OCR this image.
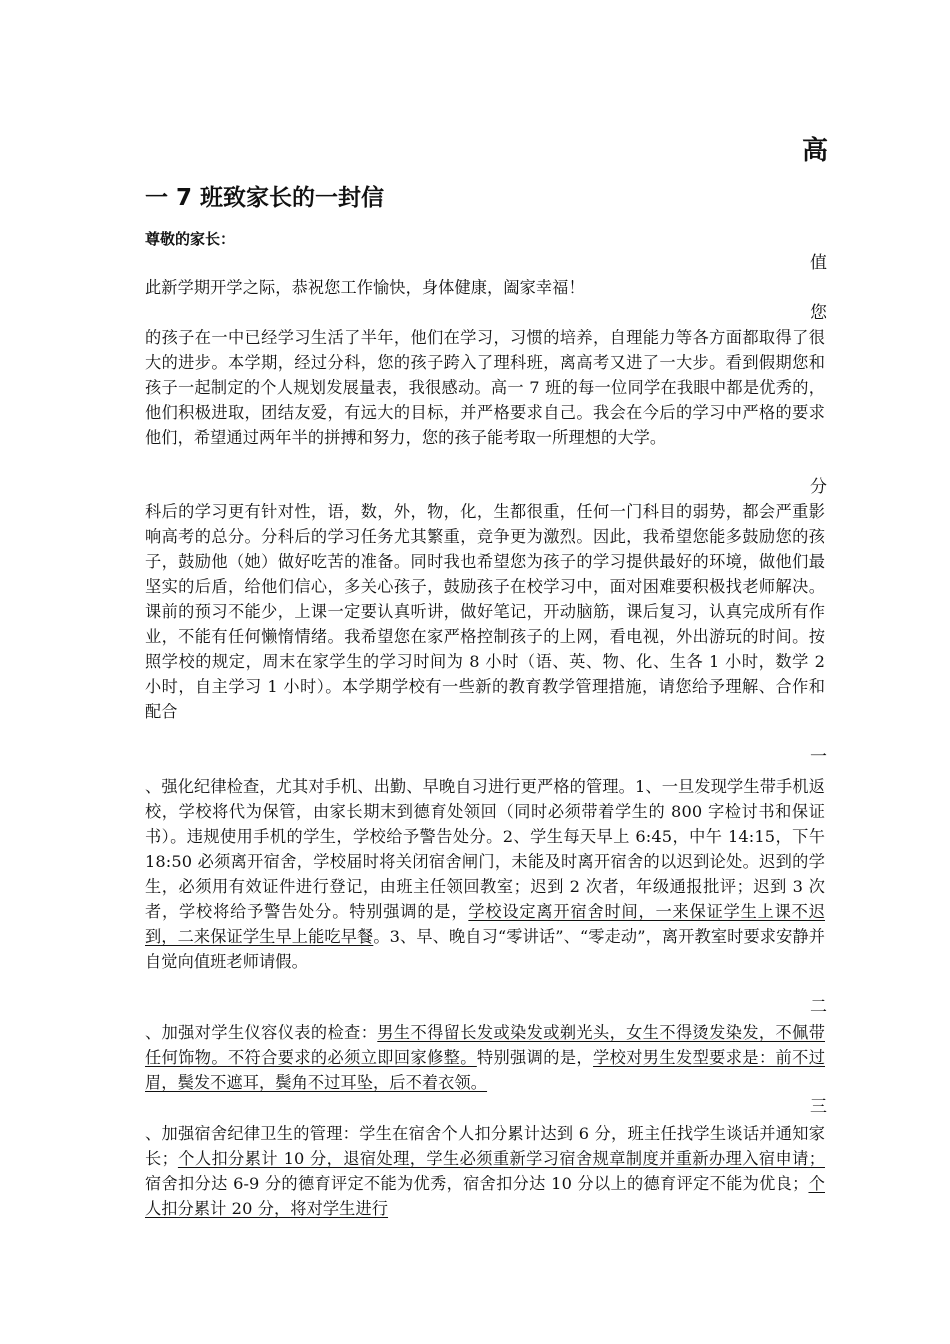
高
一 7 班致家长的一封信
尊敬的家长：
值

此新学期开学之际，恭祝您工作愉快，身体健康，阖家幸福！

您

的孩子在一中已经学习生活了半年，他们在学习，习惯的培养，自理能力等各方面都取得了很大的进步。本学期，经过分科，您的孩子跨入了理科班，离高考又进了一大步。看到假期您和孩子一起制定的个人规划发展量表，我很感动。高一 7 班的每一位同学在我眼中都是优秀的，他们积极进取，团结友爱，有远大的目标，并严格要求自己。我会在今后的学习中严格的要求他们，希望通过两年半的拼搏和努力，您的孩子能考取一所理想的大学。

分

科后的学习更有针对性，语，数，外，物，化，生都很重，任何一门科目的弱势，都会严重影响高考的总分。分科后的学习任务尤其繁重，竞争更为激烈。因此，我希望您能多鼓励您的孩子，鼓励他（她）做好吃苦的准备。同时我也希望您为孩子的学习提供最好的环境，做他们最坚实的后盾，给他们信心，多关心孩子，鼓励孩子在校学习中，面对困难要积极找老师解决。课前的预习不能少，上课一定要认真听讲，做好笔记，开动脑筋，课后复习，认真完成所有作业，不能有任何懒惰情绪。我希望您在家严格控制孩子的上网，看电视，外出游玩的时间。按照学校的规定，周末在家学生的学习时间为 8 小时（语、英、物、化、生各 1 小时，数学 2 小时，自主学习 1 小时）。本学期学校有一些新的教育教学管理措施，请您给予理解、合作和配合

一

、强化纪律检查，尤其对手机、出勤、早晚自习进行更严格的管理。1、一旦发现学生带手机返校，学校将代为保管，由家长期末到德育处领回（同时必须带着学生的 800 字检讨书和保证书）。违规使用手机的学生，学校给予警告处分。2、学生每天早上 6:45，中午 14:15，下午 18:50 必须离开宿舍，学校届时将关闭宿舍闸门，未能及时离开宿舍的以迟到论处。迟到的学生，必须用有效证件进行登记，由班主任领回教室；迟到 2 次者，年级通报批评；迟到 3 次者，学校将给予警告处分。特别强调的是，学校设定离开宿舍时间，一来保证学生上课不迟到，二来保证学生早上能吃早餐。3、早、晚自习“零讲话”、“零走动”，离开教室时要求安静并自觉向值班老师请假。

二

、加强对学生仪容仪表的检查：男生不得留长发或染发或剃光头，女生不得烫发染发，不佩带任何饰物。不符合要求的必须立即回家修整。特别强调的是，学校对男生发型要求是：前不过眉，鬓发不遮耳，鬓角不过耳坠，后不着衣领。

三

、加强宿舍纪律卫生的管理：学生在宿舍个人扣分累计达到 6 分，班主任找学生谈话并通知家长；个人扣分累计 10 分，退宿处理，学生必须重新学习宿舍规章制度并重新办理入宿申请；宿舍扣分达 6-9 分的德育评定不能为优秀，宿舍扣分达 10 分以上的德育评定不能为优良；个人扣分累计 20 分，将对学生进行
